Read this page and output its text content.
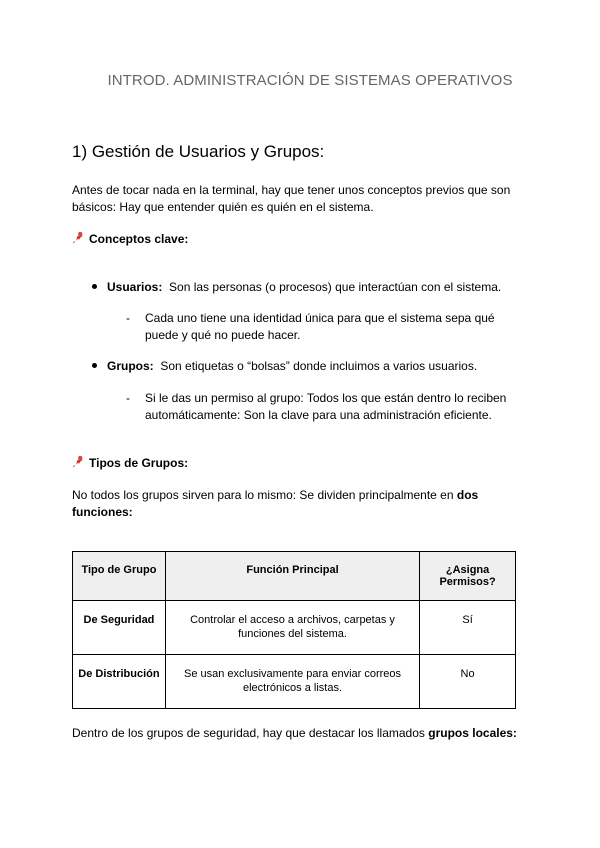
INTROD. ADMINISTRACIÓN DE SISTEMAS OPERATIVOS
1) Gestión de Usuarios y Grupos:
Antes de tocar nada en la terminal, hay que tener unos conceptos previos que son
básicos: Hay que entender quién es quién en el sistema.
Conceptos clave:
Usuarios: Son las personas (o procesos) que interactúan con el sistema.
-	Cada uno tiene una identidad única para que el sistema sepa qué
puede y qué no puede hacer.
Grupos: Son etiquetas o “bolsas” donde incluimos a varios usuarios.
-	Si le das un permiso al grupo: Todos los que están dentro lo reciben
automáticamente: Son la clave para una administración eficiente.
Tipos de Grupos:
No todos los grupos sirven para lo mismo: Se dividen principalmente en dos
funciones:
Tipo de Grupo	Función Principal	¿Asigna
Permisos?
De Seguridad	Controlar el acceso a archivos, carpetas y
funciones del sistema.	Sí
De Distribución	Se usan exclusivamente para enviar correos
electrónicos a listas.	No
Dentro de los grupos de seguridad, hay que destacar los llamados grupos locales:
